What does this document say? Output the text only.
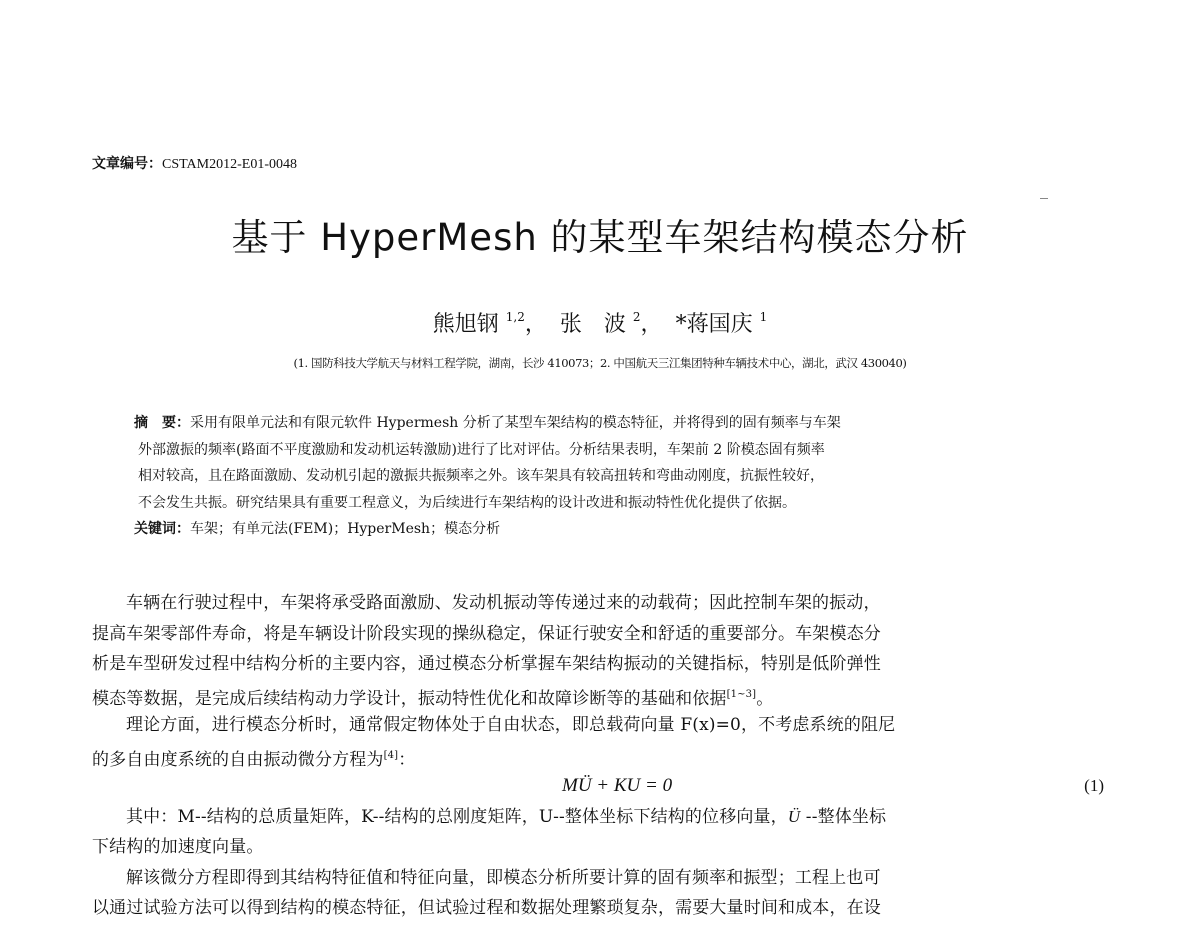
文章编号：CSTAM2012-E01-0048
基于 HyperMesh 的某型车架结构模态分析
熊旭钢 $^{1,2}$， 张　波 $^2$， *蒋国庆 $^1$
(1. 国防科技大学航天与材料工程学院，湖南，长沙 410073；2. 中国航天三江集团特种车辆技术中心，湖北，武汉 430040)
摘　要：采用有限单元法和有限元软件 Hypermesh 分析了某型车架结构的模态特征，并将得到的固有频率与车架
外部激振的频率(路面不平度激励和发动机运转激励)进行了比对评估。分析结果表明，车架前 2 阶模态固有频率
相对较高，且在路面激励、发动机引起的激振共振频率之外。该车架具有较高扭转和弯曲动刚度，抗振性较好，
不会发生共振。研究结果具有重要工程意义，为后续进行车架结构的设计改进和振动特性优化提供了依据。
关键词：车架；有单元法(FEM)；HyperMesh；模态分析
车辆在行驶过程中，车架将承受路面激励、发动机振动等传递过来的动载荷；因此控制车架的振动，
提高车架零部件寿命，将是车辆设计阶段实现的操纵稳定，保证行驶安全和舒适的重要部分。车架模态分
析是车型研发过程中结构分析的主要内容，通过模态分析掌握车架结构振动的关键指标，特别是低阶弹性
模态等数据，是完成后续结构动力学设计，振动特性优化和故障诊断等的基础和依据[1~3]。
理论方面，进行模态分析时，通常假定物体处于自由状态，即总载荷向量 F(x)=0，不考虑系统的阻尼
的多自由度系统的自由振动微分方程为[4]：
MÜ + KU = 0	(1)
其中：M--结构的总质量矩阵，K--结构的总刚度矩阵，U--整体坐标下结构的位移向量，Ü --整体坐标
下结构的加速度向量。
解该微分方程即得到其结构特征值和特征向量，即模态分析所要计算的固有频率和振型；工程上也可
以通过试验方法可以得到结构的模态特征，但试验过程和数据处理繁琐复杂，需要大量时间和成本，在设
